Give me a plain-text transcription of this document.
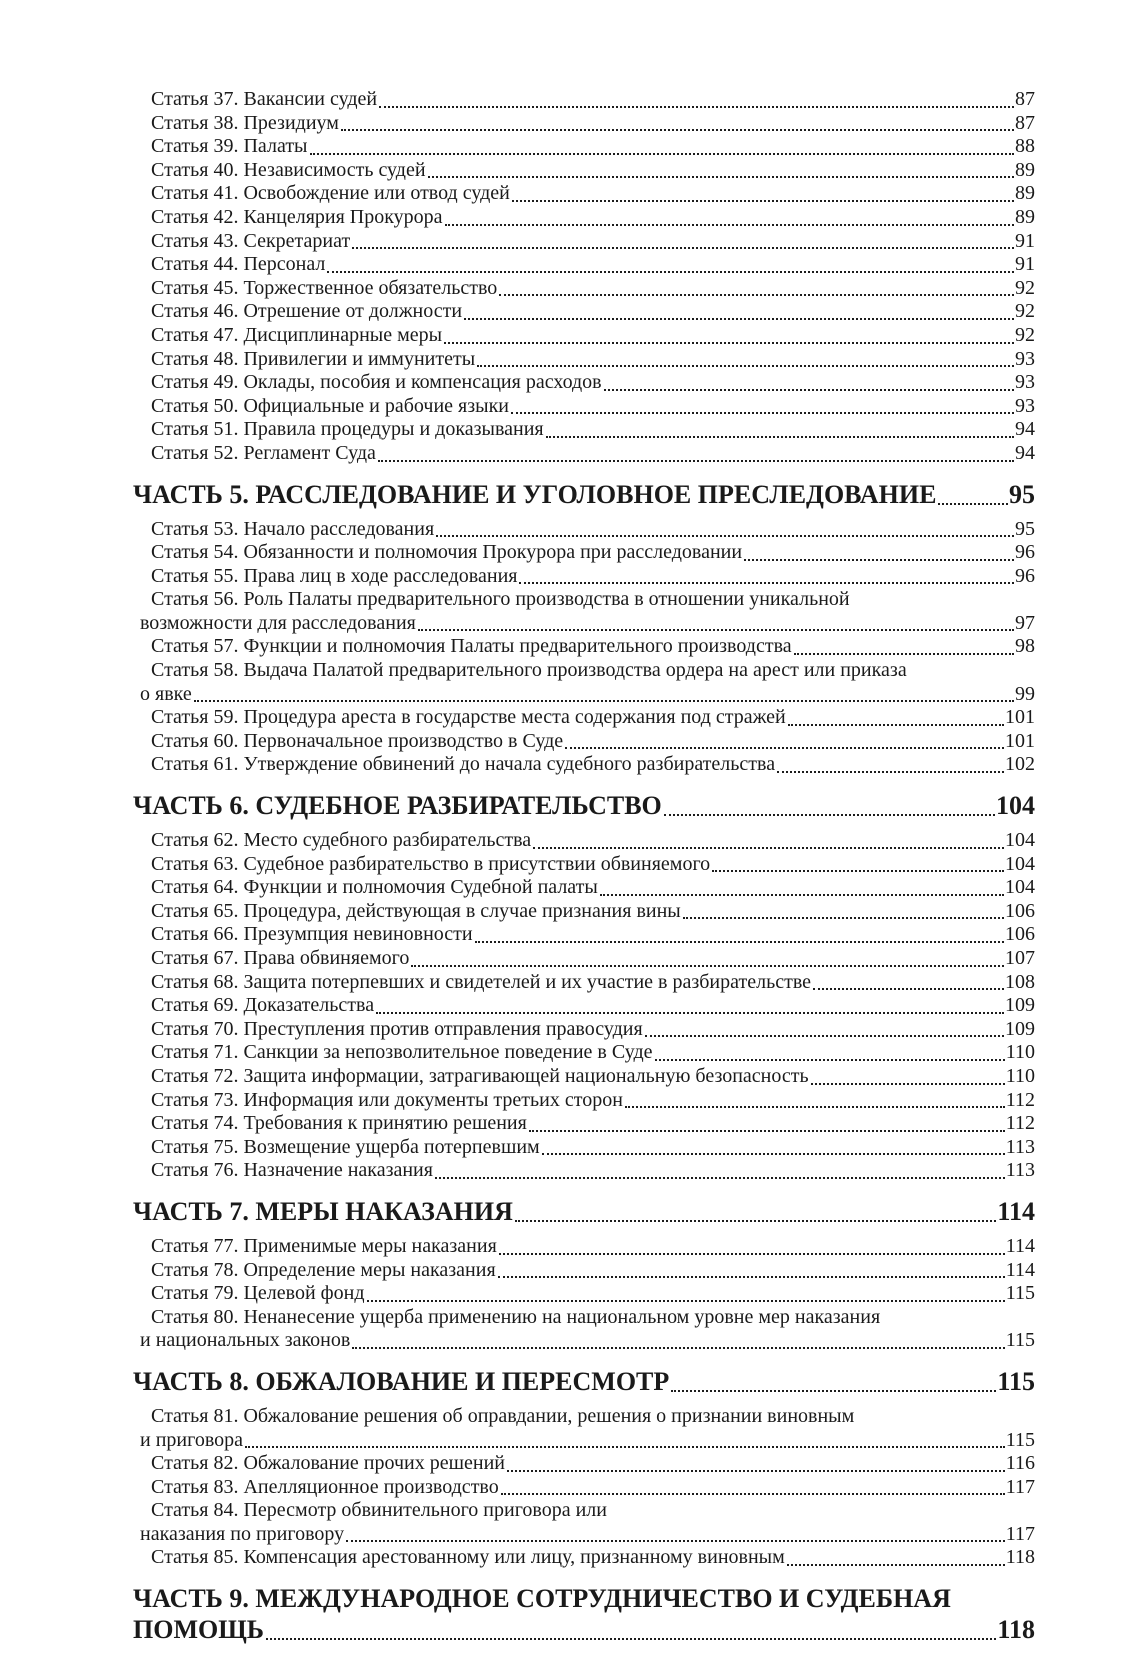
Статья 37. Вакансии судей	87
Статья 38. Президиум	87
Статья 39. Палаты	88
Статья 40. Независимость судей	89
Статья 41. Освобождение или отвод судей	89
Статья 42. Канцелярия Прокурора	89
Статья 43. Секретариат	91
Статья 44. Персонал	91
Статья 45. Торжественное обязательство	92
Статья 46. Отрешение от должности	92
Статья 47. Дисциплинарные меры	92
Статья 48. Привилегии и иммунитеты	93
Статья 49. Оклады, пособия и компенсация расходов	93
Статья 50. Официальные и рабочие языки	93
Статья 51. Правила процедуры и доказывания	94
Статья 52. Регламент Суда	94
ЧАСТЬ 5. РАССЛЕДОВАНИЕ И УГОЛОВНОЕ ПРЕСЛЕДОВАНИЕ	95
Статья 53. Начало расследования	95
Статья 54. Обязанности и полномочия Прокурора при расследовании	96
Статья 55. Права лиц в ходе расследования	96
Статья 56. Роль Палаты предварительного производства в отношении уникальной
возможности для расследования	97
Статья 57. Функции и полномочия Палаты предварительного производства	98
Статья 58. Выдача Палатой предварительного производства ордера на арест или приказа
о явке	99
Статья 59. Процедура ареста в государстве места содержания под стражей	101
Статья 60. Первоначальное производство в Суде	101
Статья 61. Утверждение обвинений до начала судебного разбирательства	102
ЧАСТЬ 6. СУДЕБНОЕ РАЗБИРАТЕЛЬСТВО	104
Статья 62. Место судебного разбирательства	104
Статья 63. Судебное разбирательство в присутствии обвиняемого	104
Статья 64. Функции и полномочия Судебной палаты	104
Статья 65. Процедура, действующая в случае признания вины	106
Статья 66. Презумпция невиновности	106
Статья 67. Права обвиняемого	107
Статья 68. Защита потерпевших и свидетелей и их участие в разбирательстве	108
Статья 69. Доказательства	109
Статья 70. Преступления против отправления правосудия	109
Статья 71. Санкции за непозволительное поведение в Суде	110
Статья 72. Защита информации, затрагивающей национальную безопасность	110
Статья 73. Информация или документы третьих сторон	112
Статья 74. Требования к принятию решения	112
Статья 75. Возмещение ущерба потерпевшим	113
Статья 76. Назначение наказания	113
ЧАСТЬ 7. МЕРЫ НАКАЗАНИЯ	114
Статья 77. Применимые меры наказания	114
Статья 78. Определение меры наказания	114
Статья 79. Целевой фонд	115
Статья 80. Ненанесение ущерба применению на национальном уровне мер наказания
и национальных законов	115
ЧАСТЬ 8. ОБЖАЛОВАНИЕ И ПЕРЕСМОТР	115
Статья 81. Обжалование решения об оправдании, решения о признании виновным
и приговора	115
Статья 82. Обжалование прочих решений	116
Статья 83. Апелляционное производство	117
Статья 84. Пересмотр обвинительного приговора или
наказания по приговору	117
Статья 85. Компенсация арестованному или лицу, признанному виновным	118
ЧАСТЬ 9. МЕЖДУНАРОДНОЕ СОТРУДНИЧЕСТВО И СУДЕБНАЯ
ПОМОЩЬ	118
